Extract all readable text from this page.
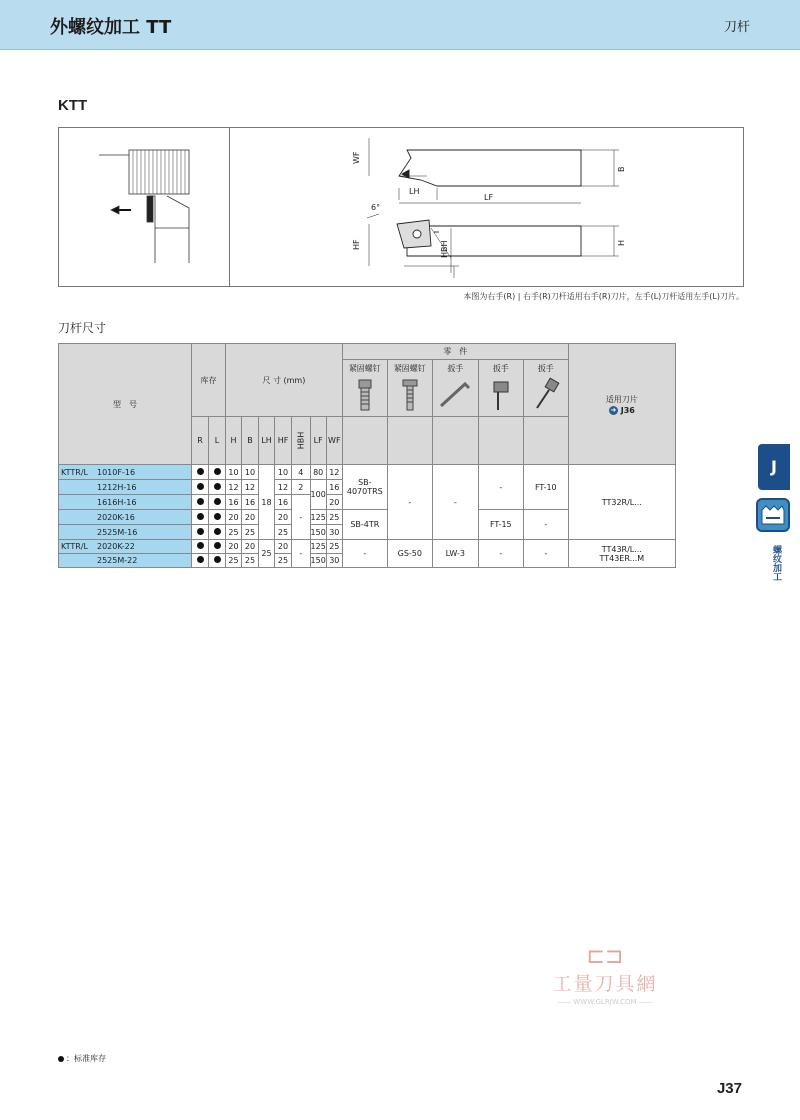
外螺纹加工 TT	刀杆
KTT
WF
B
LH
LF
6°
HF	HBH	H
本图为右手(R) | 右手(R)刀杆适用右手(R)刀片，左手(L)刀杆适用左手(L)刀片。
刀杆尺寸
型　号	库存		尺 寸 (mm)							零　件					适用刀片
➜ J36

										紧固螺钉	紧固螺钉	扳手	扳手	扳手	

	R	L	H	B	LH	HF	HBH	LF	WF						
KTTR/L 1010F-16			10	10	18	10	4	80	12	SB-4070TRS	-	-	-	FT-10	TT32R/L...
1212H-16			12	12		12	2	100	16						
1616H-16			16	16		16	-		20						
2020K-16			20	20		20		125	25	SB-4TR			FT-15	-	
2525M-16			25	25		25		150	30						
KTTR/L 2020K-22			20	20	25	20	-	125	25	-	GS-50	LW-3	-	-	TT43R/L...
TT43ER...M

2525M-22			25	25		25		150	30						
J
螺纹加工
⊏⊐
工量刀具網
—— WWW.GLRJW.COM ——
：标准库存
J37
